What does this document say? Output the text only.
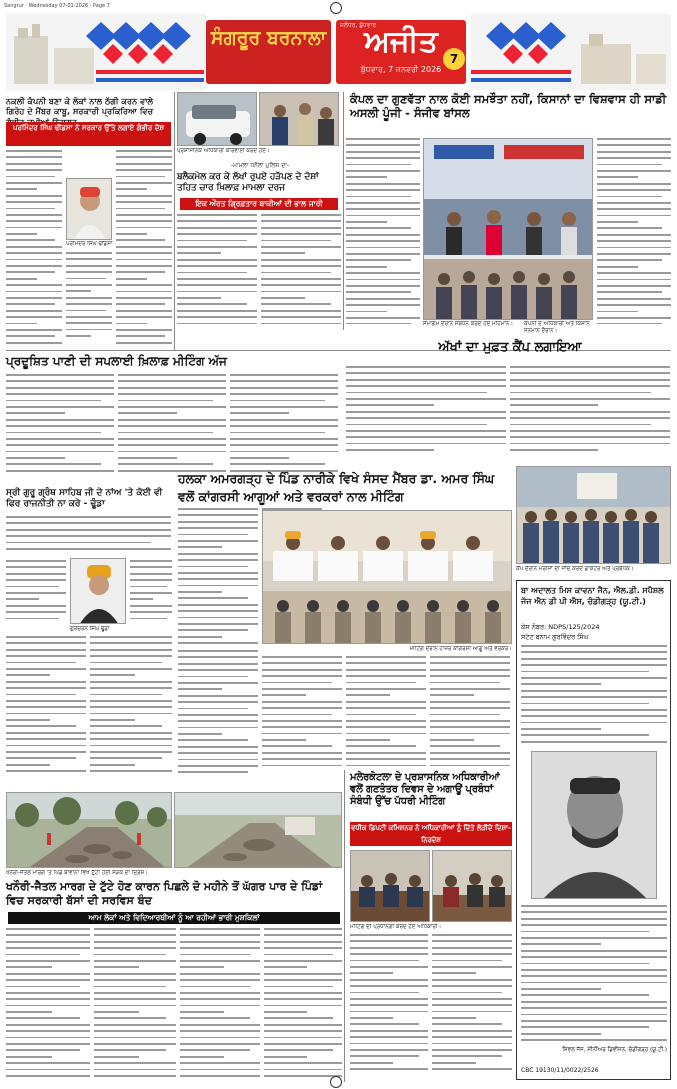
Sangrur · Wednesday 07-01-2026 · Page 7
ਸੰਗਰੂਰ ਬਰਨਾਲਾ
ਜਲੰਧਰ, ਬੁੱਧਵਾਰ
ਅਜੀਤ
ਬੁੱਧਵਾਰ, 7 ਜਨਵਰੀ 2026
7
ਨਕਲੀ ਕੰਪਨੀ ਬਣਾ ਕੇ ਲੋਕਾਂ ਨਾਲ ਠੱਗੀ ਕਰਨ ਵਾਲੇ ਗਿਰੋਹ ਦੇ ਮੈਂਬਰ ਕਾਬੂ, ਸਰਕਾਰੀ ਪ੍ਰਕਿਰਿਆ ਵਿਚ
ਪਰਮਿੰਦਰ ਸਿੰਘ ਢੀਂਡਸਾ ਨੇ ਸਰਕਾਰ ਉੱਤੇ ਲਗਾਏ ਗੰਭੀਰ ਦੋਸ਼
ਪਰਮਿੰਦਰ ਸਿੰਘ ਢੀਂਡਸਾ
ਪ੍ਰਸ਼ਾਸਨਿਕ ਅਧਿਕਾਰੀ ਕਾਰਵਾਈ ਕਰਦੇ ਹੋਏ।
-ਮਾਮਲਾ ਧਨੌਲਾ ਪੁਲਿਸ ਦਾ-
ਬਲੈਕਮੇਲ ਕਰ ਕੇ ਲੱਖਾਂ ਰੁਪਏ ਹੜੱਪਣ ਦੇ ਦੋਸ਼ਾਂ ਤਹਿਤ ਚਾਰ ਖ਼ਿਲਾਫ਼ ਮਾਮਲਾ ਦਰਜ
ਇਕ ਔਰਤ ਗ੍ਰਿਫ਼ਤਾਰ ਬਾਕੀਆਂ ਦੀ ਭਾਲ ਜਾਰੀ
ਕੰਪਲ ਦਾ ਗੁਣਵੱਤਾ ਨਾਲ ਕੋਈ ਸਮਝੌਤਾ ਨਹੀਂ, ਕਿਸਾਨਾਂ ਦਾ ਵਿਸ਼ਵਾਸ ਹੀ ਸਾਡੀ ਅਸਲੀ ਪੂੰਜੀ - ਸੰਜੀਵ ਬਾਂਸਲ
ਸਮਾਗਮ ਦੌਰਾਨ ਸੰਬੋਧਨ ਕਰਦੇ ਹੋਏ ਮਹਿਮਾਨ।	ਕੰਪਨੀ ਦੇ ਅਧਿਕਾਰੀ ਅਤੇ ਕਿਸਾਨ ਸਨਮਾਨ ਦੌਰਾਨ।
ਪ੍ਰਦੂਸ਼ਿਤ ਪਾਣੀ ਦੀ ਸਪਲਾਈ ਖ਼ਿਲਾਫ਼ ਮੀਟਿੰਗ ਅੱਜ
ਅੱਖਾਂ ਦਾ ਮੁਫ਼ਤ ਕੈਂਪ ਲਗਾਇਆ
ਸ੍ਰੀ ਗੁਰੂ ਗ੍ਰੰਥ ਸਾਹਿਬ ਜੀ ਦੇ ਨਾਂਅ 'ਤੇ ਕੋਈ ਵੀ ਫਿਰ ਰਾਜਨੀਤੀ ਨਾ ਕਰੇ - ਢੂੰਡਾ
ਗੁਰਚਰਨ ਸਿੰਘ ਢੂੰਡਾ
ਹਲਕਾ ਅਮਰਗੜ੍ਹ ਦੇ ਪਿੰਡ ਨਾਰੀਕੇ ਵਿਖੇ ਸੰਸਦ ਮੈਂਬਰ ਡਾ. ਅਮਰ ਸਿੰਘ ਵਲੋਂ ਕਾਂਗਰਸੀ ਆਗੂਆਂ ਅਤੇ ਵਰਕਰਾਂ ਨਾਲ ਮੀਟਿੰਗ
ਮੀਟਿੰਗ ਦੌਰਾਨ ਹਾਜ਼ਰ ਕਾਂਗਰਸੀ ਆਗੂ ਅਤੇ ਵਰਕਰ।
ਕੈਂਪ ਦੌਰਾਨ ਮਰੀਜ਼ਾਂ ਦੀ ਜਾਂਚ ਕਰਦੇ ਡਾਕਟਰ ਅਤੇ ਪ੍ਰਬੰਧਕ।
ਬਾ ਅਦਾਲਤ ਮਿਸ ਕਾਵਨਾ ਜੈਨ, ਐਲ.ਡੀ. ਸਪੈਸ਼ਲ ਜੱਜ ਐਨ ਡੀ ਪੀ ਐਸ, ਚੰਡੀਗੜ੍ਹ (ਯੂ.ਟੀ.)
ਕੇਸ ਨੰਬਰ: NDPS/125/2024
ਸਟੇਟ ਬਨਾਮ ਗੁਰਵਿੰਦਰ ਸਿੰਘ
ਸਿਵਲ ਜੱਜ, ਸੀਨੀਅਰ ਡਿਵੀਜ਼ਨ, ਚੰਡੀਗੜ੍ਹ (ਯੂ.ਟੀ.)
CBC 19130/11/0022/2526
ਖਨੌਰੀ-ਜੈਤਲ ਮਾਰਗ 'ਤੇ ਪਿੰਡ ਬਾਵਾਨਾ ਵਿਖੇ ਟੁੱਟੀ ਹੋਈ ਸੜਕ ਦਾ ਦ੍ਰਿਸ਼।
ਖਨੌਰੀ-ਜੈਤਲ ਮਾਰਗ ਦੇ ਟੁੱਟੇ ਹੋਣ ਕਾਰਨ ਪਿਛਲੇ ਦੋ ਮਹੀਨੇ ਤੋਂ ਘੱਗਰ ਪਾਰ ਦੇ ਪਿੰਡਾਂ ਵਿਚ ਸਰਕਾਰੀ ਬੱਸਾਂ ਦੀ ਸਰਵਿਸ ਬੰਦ
ਆਮ ਲੋਕਾਂ ਅਤੇ ਵਿਦਿਆਰਥੀਆਂ ਨੂੰ ਆ ਰਹੀਆਂ ਭਾਰੀ ਮੁਸ਼ਕਿਲਾਂ
ਮਲੇਰਕੋਟਲਾ ਦੇ ਪ੍ਰਸ਼ਾਸਨਿਕ ਅਧਿਕਾਰੀਆਂ ਵਲੋਂ ਗਣਤੰਤਰ ਦਿਵਸ ਦੇ ਅਗਾਊਂ ਪ੍ਰਬੰਧਾਂ ਸੰਬੰਧੀ ਉੱਚ ਪੱਧਰੀ ਮੀਟਿੰਗ
ਵਧੀਕ ਡਿਪਟੀ ਕਮਿਸ਼ਨਰ ਨੇ ਅਧਿਕਾਰੀਆਂ ਨੂੰ ਦਿੱਤੇ ਲੋੜੀਂਦੇ ਦਿਸ਼ਾ-ਨਿਰਦੇਸ਼
ਮੀਟਿੰਗ ਦੀ ਪ੍ਰਧਾਨਗੀ ਕਰਦੇ ਹੋਏ ਅਧਿਕਾਰੀ।
